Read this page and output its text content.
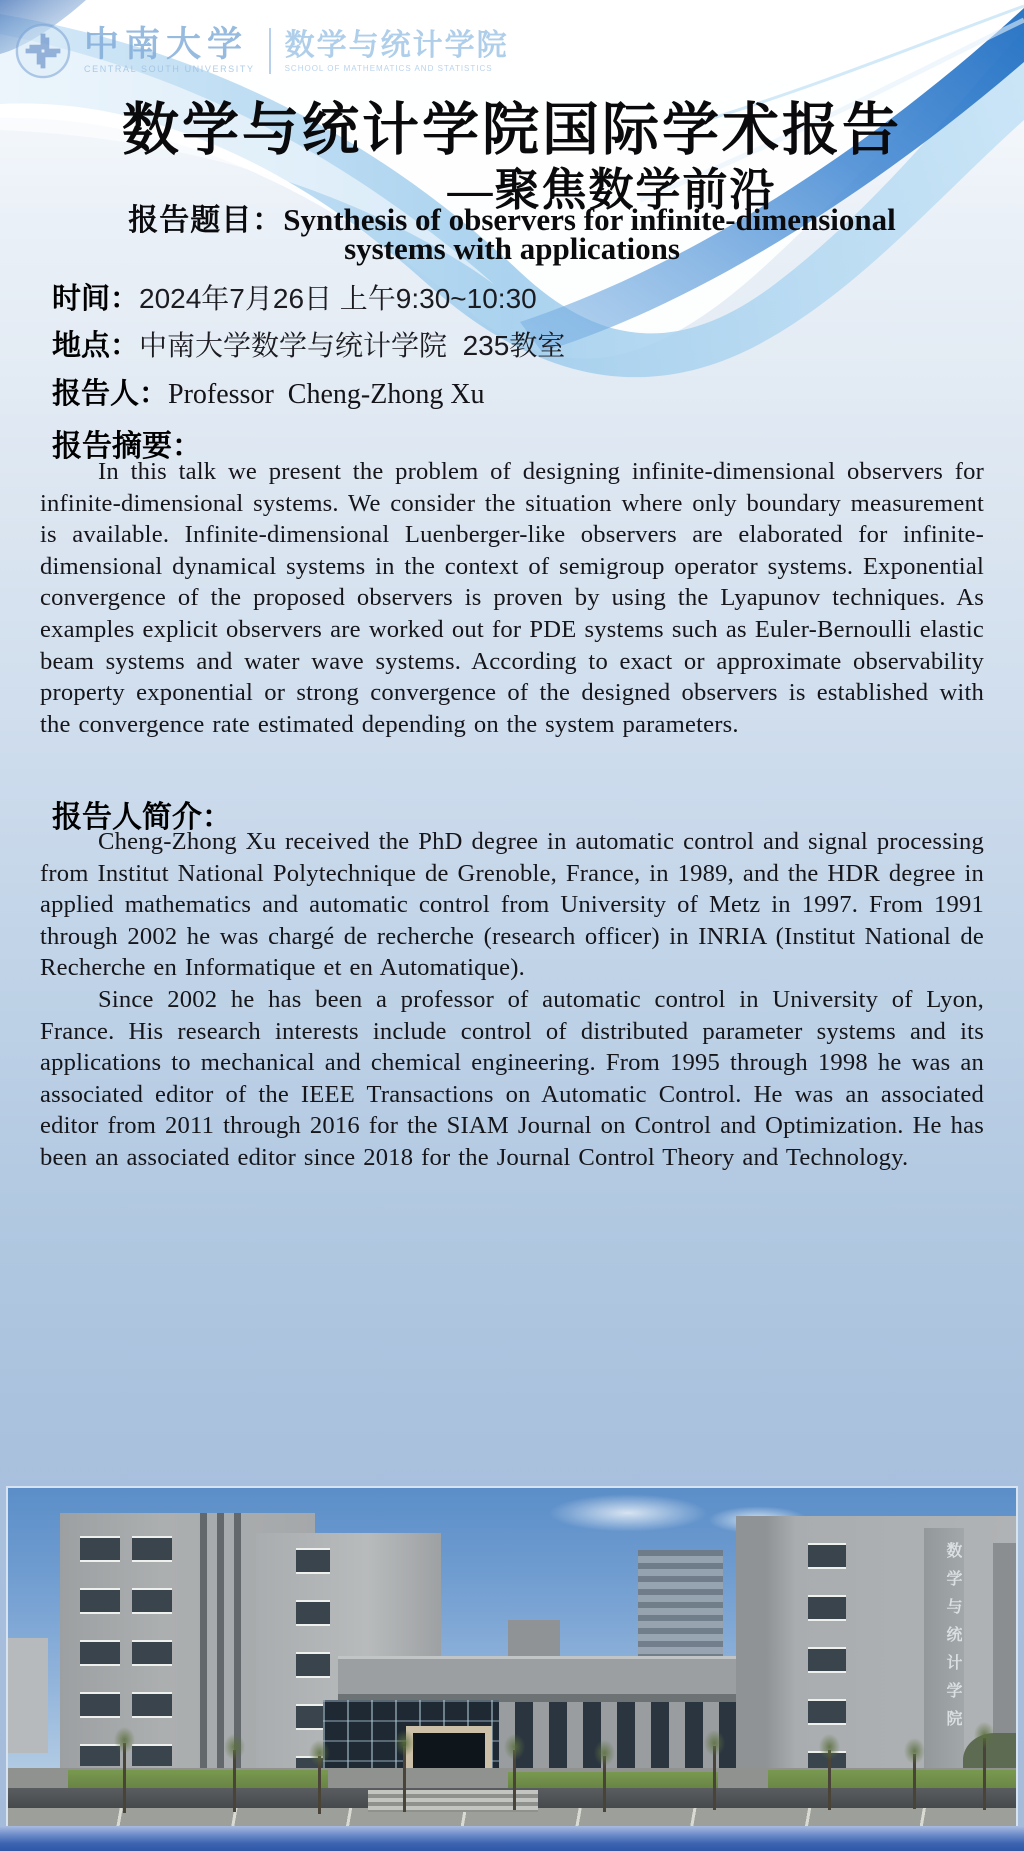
中南大学
CENTRAL SOUTH UNIVERSITY
数学与统计学院
SCHOOL OF MATHEMATICS AND STATISTICS
数学与统计学院国际学术报告
—聚焦数学前沿
报告题目：Synthesis of observers for infinite-dimensional
systems with applications
时间：2024年7月26日 上午9:30~10:30
地点：中南大学数学与统计学院  235教室
报告人：Professor  Cheng-Zhong Xu
报告摘要：

In this talk we present the problem of designing infinite-dimensional observers for infinite-dimensional systems. We consider the situation where only boundary measurement is available. Infinite-dimensional Luenberger-like observers are elaborated for infinite-dimensional dynamical systems in the context of semigroup operator systems. Exponential convergence of the proposed observers is proven by using the Lyapunov techniques. As examples explicit observers are worked out for PDE systems such as Euler-Bernoulli elastic beam systems and water wave systems. According to exact or approximate observability property exponential or strong convergence of the designed observers is established with the convergence rate estimated depending on the system parameters.

报告人简介：

Cheng-Zhong Xu received the PhD degree in automatic control and signal processing from Institut National Polytechnique de Grenoble, France, in 1989, and the HDR degree in applied mathematics and automatic control from University of Metz in 1997. From 1991 through 2002 he was chargé de recherche (research officer) in INRIA (Institut National de Recherche en Informatique et en Automatique).

Since 2002 he has been a professor of automatic control in University of Lyon, France. His research interests include control of distributed parameter systems and its applications to mechanical and chemical engineering. From 1995 through 1998 he was an associated editor of the IEEE Transactions on Automatic Control. He was an associated editor from 2011 through 2016 for the SIAM Journal on Control and Optimization. He has been an associated editor since 2018 for the Journal Control Theory and Technology.

数学与统计学院
